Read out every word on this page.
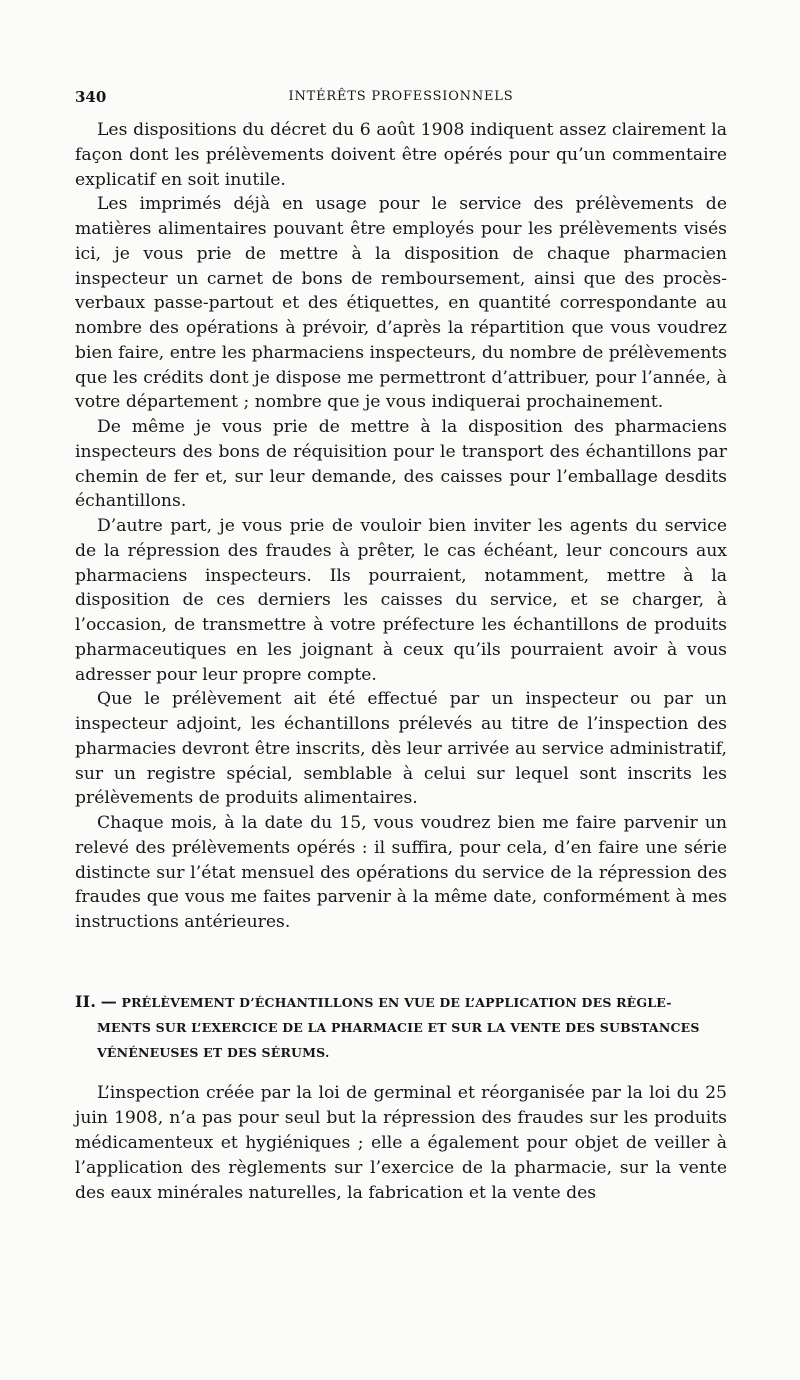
340	INTÉRÊTS PROFESSIONNELS

Les dispositions du décret du 6 août 1908 indiquent assez clairement la façon dont les prélèvements doivent être opérés pour qu’un commentaire explicatif en soit inutile.

Les imprimés déjà en usage pour le service des prélèvements de matières alimentaires pouvant être employés pour les prélèvements visés ici, je vous prie de mettre à la disposition de chaque pharmacien inspecteur un carnet de bons de remboursement, ainsi que des procès-verbaux passe-partout et des étiquettes, en quantité correspondante au nombre des opérations à prévoir, d’après la répartition que vous voudrez bien faire, entre les pharmaciens inspecteurs, du nombre de prélèvements que les crédits dont je dispose me permettront d’attribuer, pour l’année, à votre département ; nombre que je vous indiquerai prochainement.

De même je vous prie de mettre à la disposition des pharmaciens inspecteurs des bons de réquisition pour le transport des échantillons par chemin de fer et, sur leur demande, des caisses pour l’emballage desdits échantillons.

D’autre part, je vous prie de vouloir bien inviter les agents du service de la répression des fraudes à prêter, le cas échéant, leur concours aux pharmaciens inspecteurs. Ils pourraient, notamment, mettre à la disposition de ces derniers les caisses du service, et se charger, à l’occasion, de transmettre à votre préfecture les échantillons de produits pharmaceutiques en les joignant à ceux qu’ils pourraient avoir à vous adresser pour leur propre compte.

Que le prélèvement ait été effectué par un inspecteur ou par un inspecteur adjoint, les échantillons prélevés au titre de l’inspection des pharmacies devront être inscrits, dès leur arrivée au service administratif, sur un registre spécial, semblable à celui sur lequel sont inscrits les prélèvements de produits alimentaires.

Chaque mois, à la date du 15, vous voudrez bien me faire parvenir un relevé des prélèvements opérés : il suffira, pour cela, d’en faire une série distincte sur l’état mensuel des opérations du service de la répression des fraudes que vous me faites parvenir à la même date, conformément à mes instructions antérieures.

II. — PRÉLÈVEMENT D’ÉCHANTILLONS EN VUE DE L’APPLICATION DES RÈGLE-
MENTS SUR L’EXERCICE DE LA PHARMACIE ET SUR LA VENTE DES SUBSTANCES
VÉNÉNEUSES ET DES SÉRUMS.

L’inspection créée par la loi de germinal et réorganisée par la loi du 25 juin 1908, n’a pas pour seul but la répression des fraudes sur les produits médicamenteux et hygiéniques ; elle a également pour objet de veiller à l’application des règlements sur l’exercice de la pharmacie, sur la vente des eaux minérales naturelles, la fabrication et la vente des
